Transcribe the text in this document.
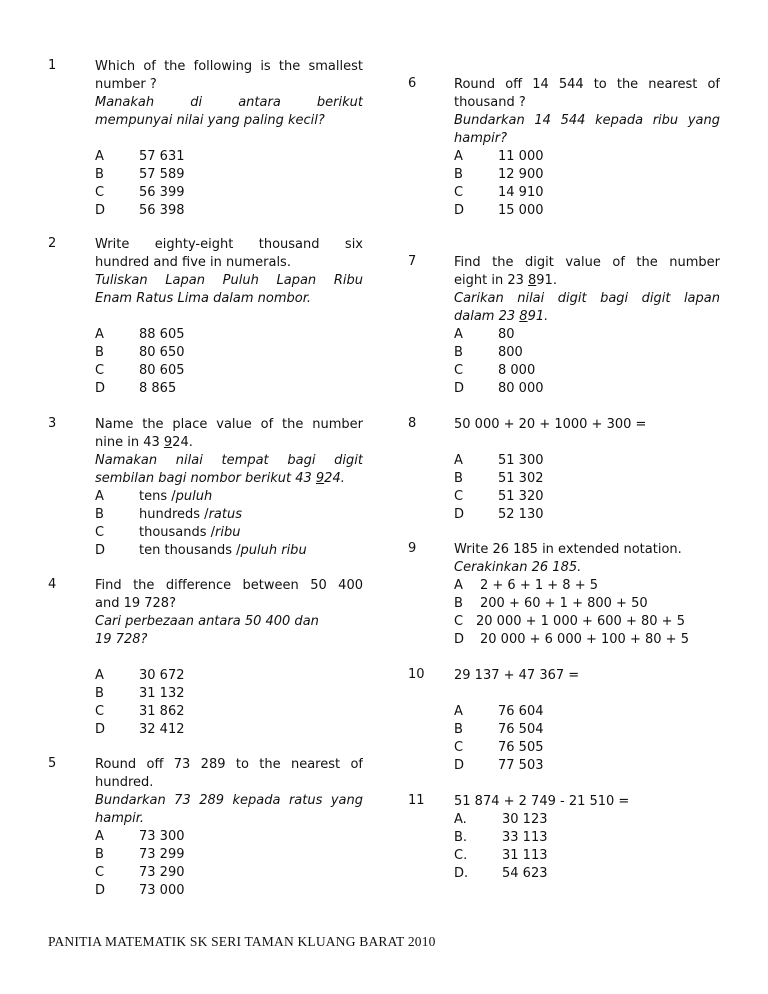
1	Which of the following is the smallest
number ?
Manakah di antara berikut
mempunyai nilai yang paling kecil?
A	57 631
B	57 589
C	56 399
D	56 398
2	Write eighty-eight thousand six
hundred and five in numerals.
Tuliskan Lapan Puluh Lapan Ribu
Enam Ratus Lima dalam nombor.
A	88 605
B	80 650
C	80 605
D	8 865
3	Name the place value of the number
nine in 43 924.
Namakan nilai tempat bagi digit
sembilan bagi nombor berikut 43 924.
A	tens /puluh
B	hundreds /ratus
C	thousands /ribu
D	ten thousands /puluh ribu
4	Find the difference between 50 400
and 19 728?
Cari perbezaan antara 50 400 dan
19 728?
A	30 672
B	31 132
C	31 862
D	32 412
5	Round off 73 289 to the nearest of
hundred.
Bundarkan 73 289 kepada ratus yang
hampir.
A	73 300
B	73 299
C	73 290
D	73 000
6	Round off 14 544 to the nearest of
thousand ?
Bundarkan 14 544 kepada ribu yang
hampir?
A	11 000
B	12 900
C	14 910
D	15 000
7	Find the digit value of the number
eight in 23 891.
Carikan nilai digit bagi digit lapan
dalam 23 891.
A	80
B	800
C	8 000
D	80 000
8	50 000 + 20 + 1000 + 300 =
A	51 300
B	51 302
C	51 320
D	52 130
9	Write 26 185 in extended notation.
Cerakinkan 26 185.
A 2 + 6 + 1 + 8 + 5
B 200 + 60 + 1 + 800 + 50
C 20 000 + 1 000 + 600 + 80 + 5
D 20 000 + 6 000 + 100 + 80 + 5
10 29 137 + 47 367 =
A	76 604
B	76 504
C	76 505
D	77 503
11 51 874 + 2 749 - 21 510 =
A.	30 123
B.	33 113
C.	31 113
D.	54 623
PANITIA MATEMATIK SK SERI TAMAN KLUANG BARAT 2010
